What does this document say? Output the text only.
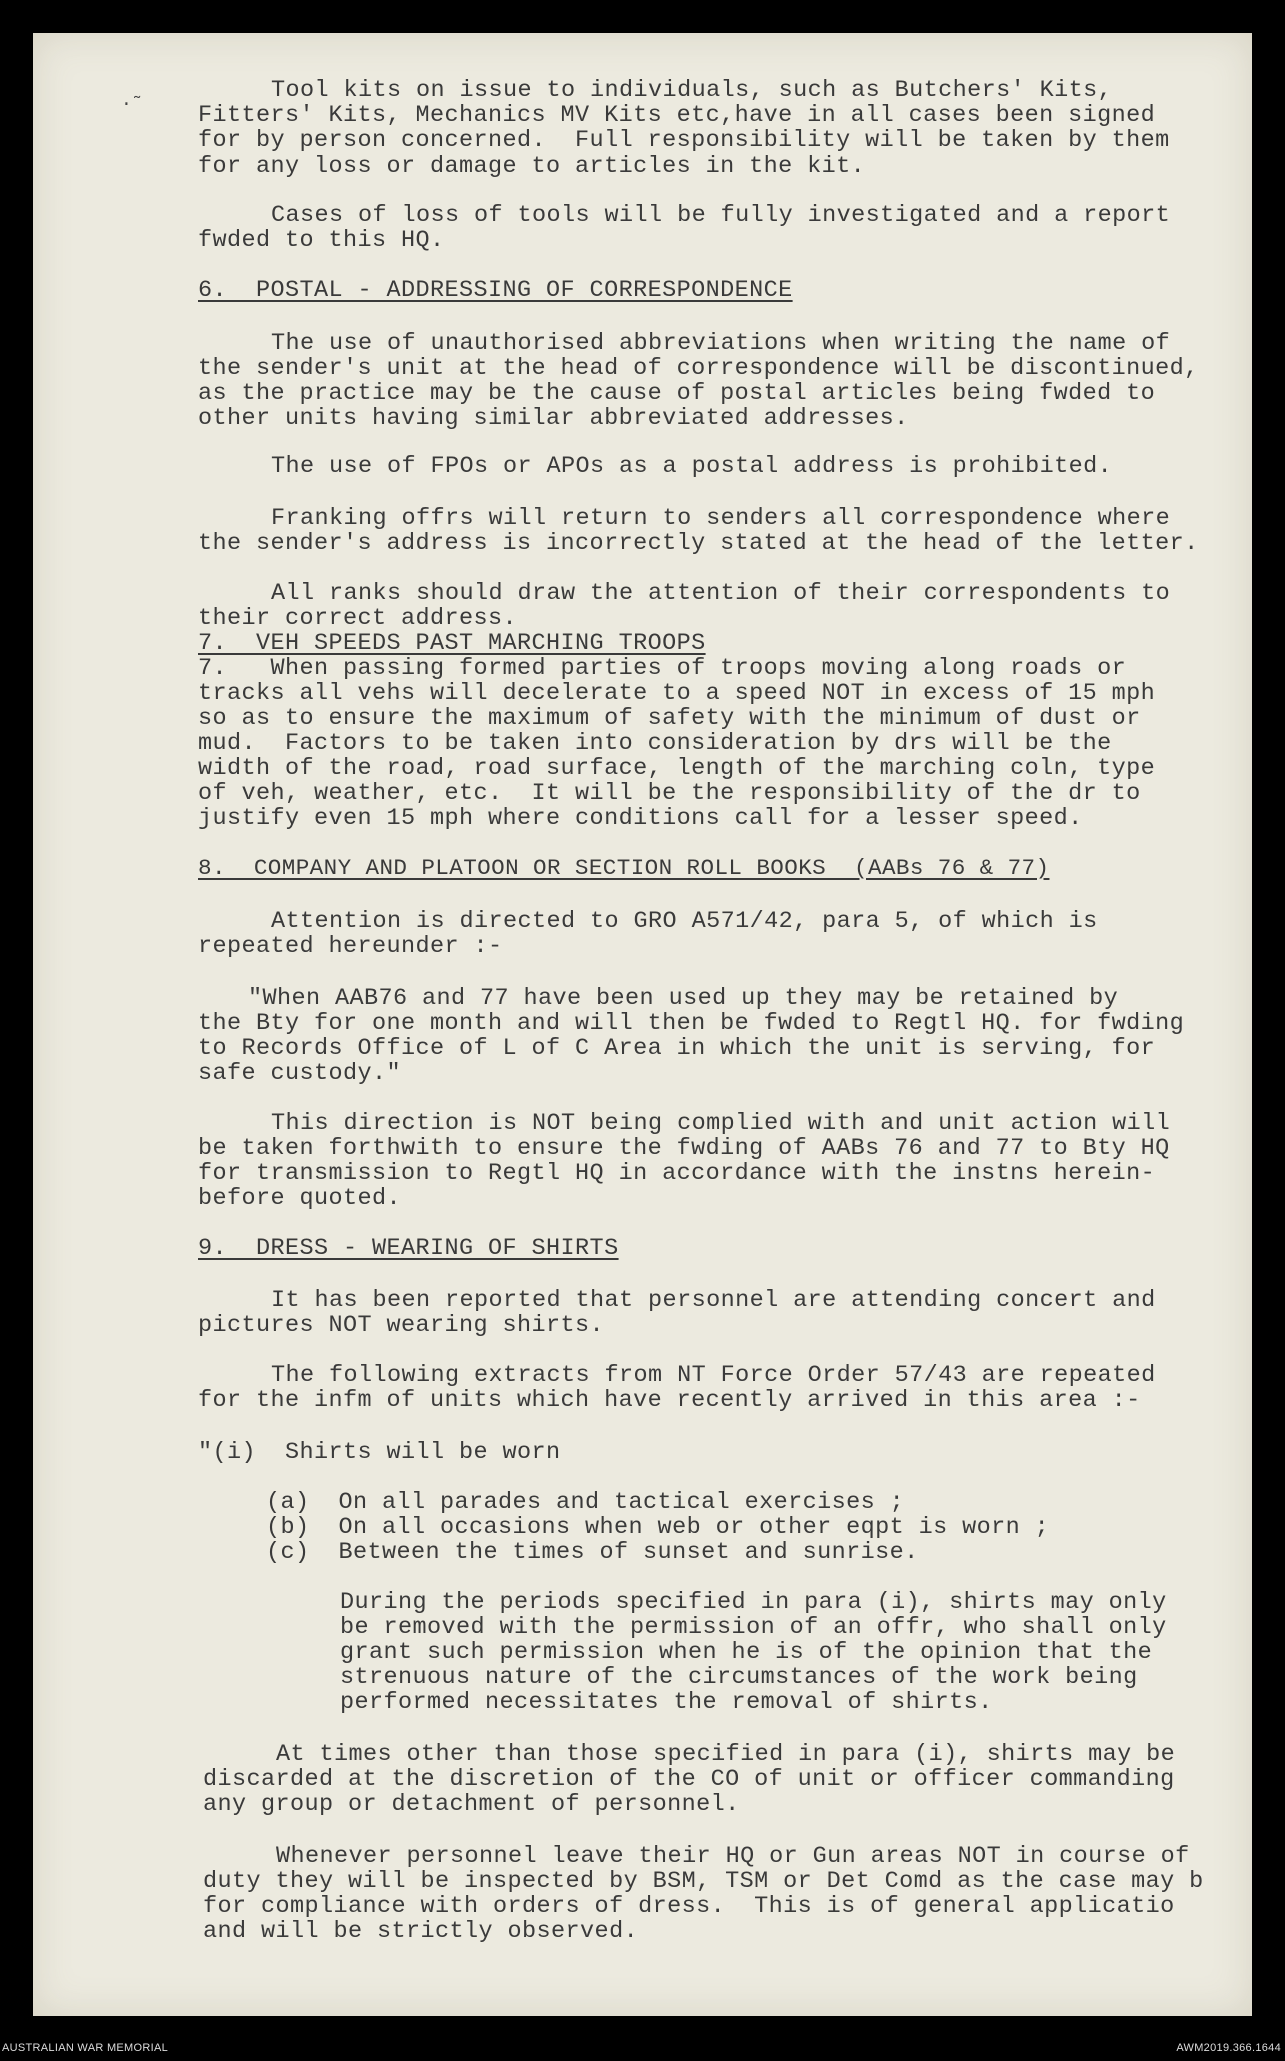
·˜

Tool kits on issue to individuals, such as Butchers' Kits,

Fitters' Kits, Mechanics MV Kits etc,have in all cases been signed

for by person concerned.  Full responsibility will be taken by them

for any loss or damage to articles in the kit.

Cases of loss of tools will be fully investigated and a report

fwded to this HQ.

6.  POSTAL - ADDRESSING OF CORRESPONDENCE

The use of unauthorised abbreviations when writing the name of

the sender's unit at the head of correspondence will be discontinued,

as the practice may be the cause of postal articles being fwded to

other units having similar abbreviated addresses.

The use of FPOs or APOs as a postal address is prohibited.

Franking offrs will return to senders all correspondence where

the sender's address is incorrectly stated at the head of the letter.

All ranks should draw the attention of their correspondents to

their correct address.

7.  VEH SPEEDS PAST MARCHING TROOPS

7.   When passing formed parties of troops moving along roads or

tracks all vehs will decelerate to a speed NOT in excess of 15 mph

so as to ensure the maximum of safety with the minimum of dust or

mud.  Factors to be taken into consideration by drs will be the

width of the road, road surface, length of the marching coln, type

of veh, weather, etc.  It will be the responsibility of the dr to

justify even 15 mph where conditions call for a lesser speed.

8.  COMPANY AND PLATOON OR SECTION ROLL BOOKS  (AABs 76 & 77)

Attention is directed to GRO A571/42, para 5, of which is

repeated hereunder :-

"When AAB76 and 77 have been used up they may be retained by

the Bty for one month and will then be fwded to Regtl HQ. for fwding

to Records Office of L of C Area in which the unit is serving, for

safe custody."

This direction is NOT being complied with and unit action will

be taken forthwith to ensure the fwding of AABs 76 and 77 to Bty HQ

for transmission to Regtl HQ in accordance with the instns herein-

before quoted.

9.  DRESS - WEARING OF SHIRTS

It has been reported that personnel are attending concert and

pictures NOT wearing shirts.

The following extracts from NT Force Order 57/43 are repeated

for the infm of units which have recently arrived in this area :-

"(i)  Shirts will be worn

(a)  On all parades and tactical exercises ;

(b)  On all occasions when web or other eqpt is worn ;

(c)  Between the times of sunset and sunrise.

During the periods specified in para (i), shirts may only

be removed with the permission of an offr, who shall only

grant such permission when he is of the opinion that the

strenuous nature of the circumstances of the work being

performed necessitates the removal of shirts.

At times other than those specified in para (i), shirts may be

discarded at the discretion of the CO of unit or officer commanding

any group or detachment of personnel.

Whenever personnel leave their HQ or Gun areas NOT in course of

duty they will be inspected by BSM, TSM or Det Comd as the case may b

for compliance with orders of dress.  This is of general applicatio

and will be strictly observed.

AUSTRALIAN WAR MEMORIAL	AWM2019.366.1644
